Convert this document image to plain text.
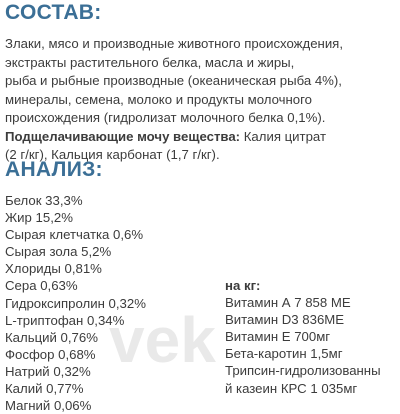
СОСТАВ:
Злаки, мясо и производные животного происхождения,
экстракты растительного белка, масла и жиры,
рыба и рыбные производные (океаническая рыба 4%),
минералы, семена, молоко и продукты молочного
происхождения (гидролизат молочного белка 0,1%).
Подщелачивающие мочу вещества: Калия цитрат
(2 г/кг), Кальция карбонат (1,7 г/кг).
АНАЛИЗ:
Белок 33,3%
Жир 15,2%
Сырая клетчатка 0,6%
Сырая зола 5,2%
Хлориды 0,81%
Сера 0,63%
Гидроксипролин 0,32%
L-триптофан 0,34%
Кальций 0,76%
Фосфор 0,68%
Натрий 0,32%
Калий 0,77%
Магний 0,06%
на кг:
Витамин А 7 858 МЕ
Витамин D3 836МЕ
Витамин Е 700мг
Бета-каротин 1,5мг
Трипсин-гидролизованны
й казеин КРС 1 035мг
vek
